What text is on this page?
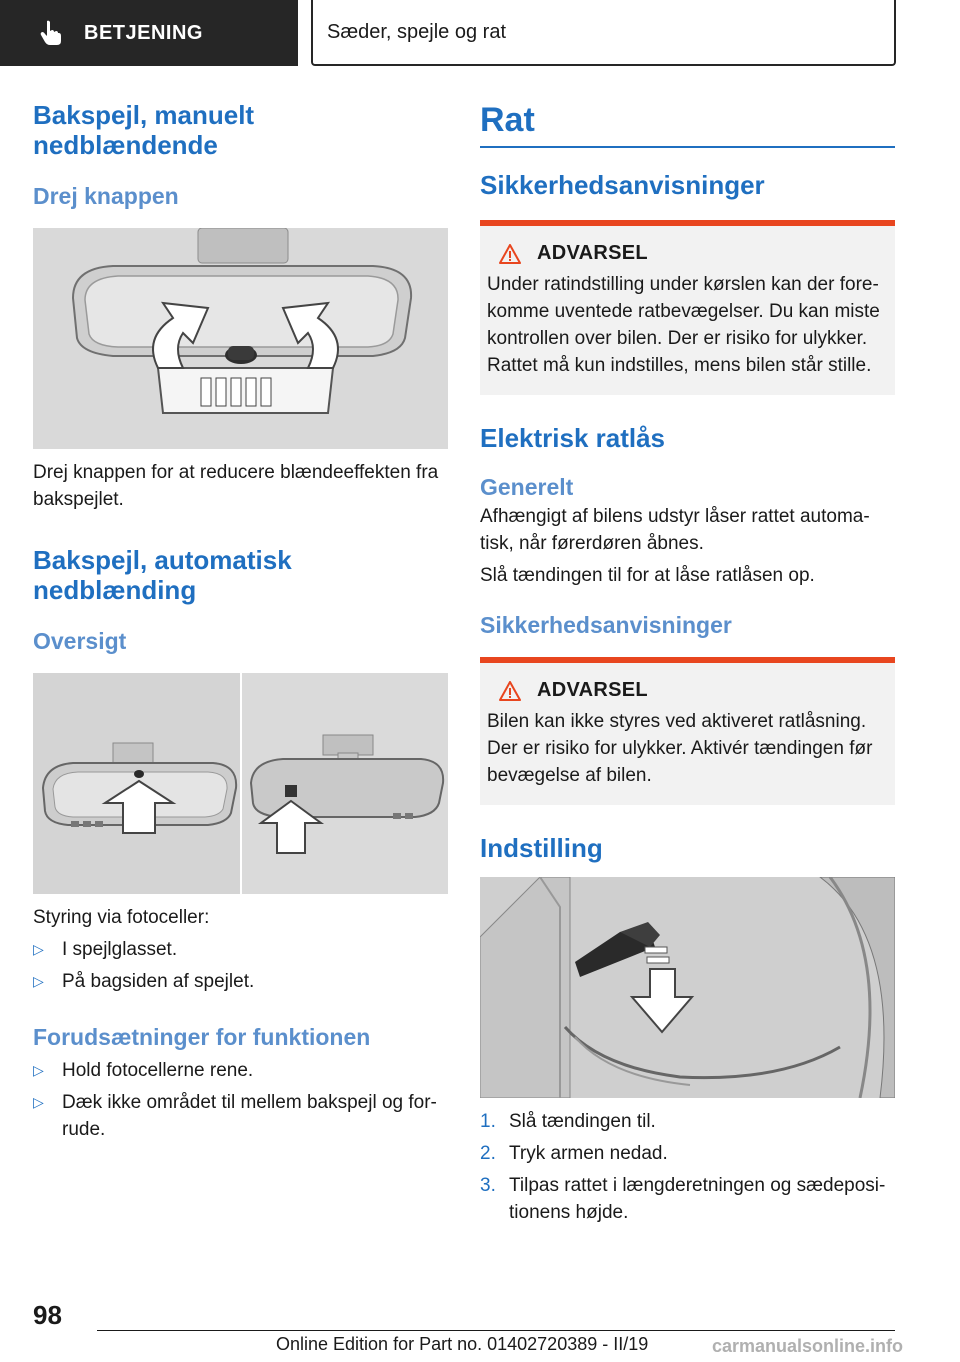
BETJENING	Sæder, spejle og rat
Bakspejl, manuelt nedblændende
Drej knappen

Drej knappen for at reducere blændeeffekten fra bakspejlet.

Bakspejl, automatisk nedblænding
Oversigt

Styring via fotoceller:

▷ I spejlglasset.
▷ På bagsiden af spejlet.
Forudsætninger for funktionen
▷ Hold fotocellerne rene.
▷ Dæk ikke området til mellem bakspejl og for-rude.
Rat
Sikkerhedsanvisninger
ADVARSEL

Under ratindstilling under kørslen kan der fore-komme uventede ratbevægelser. Du kan miste kontrollen over bilen. Der er risiko for ulykker. Rattet må kun indstilles, mens bilen står stille.

Elektrisk ratlås
Generelt

Afhængigt af bilens udstyr låser rattet automa-tisk, når førerdøren åbnes.

Slå tændingen til for at låse ratlåsen op.

Sikkerhedsanvisninger
ADVARSEL

Bilen kan ikke styres ved aktiveret ratlåsning. Der er risiko for ulykker. Aktivér tændingen før bevægelse af bilen.

Indstilling
1. Slå tændingen til.
2. Tryk armen nedad.
3. Tilpas rattet i længderetningen og sædeposi-tionens højde.
98
Online Edition for Part no. 01402720389 - II/19	carmanualsonline.info
